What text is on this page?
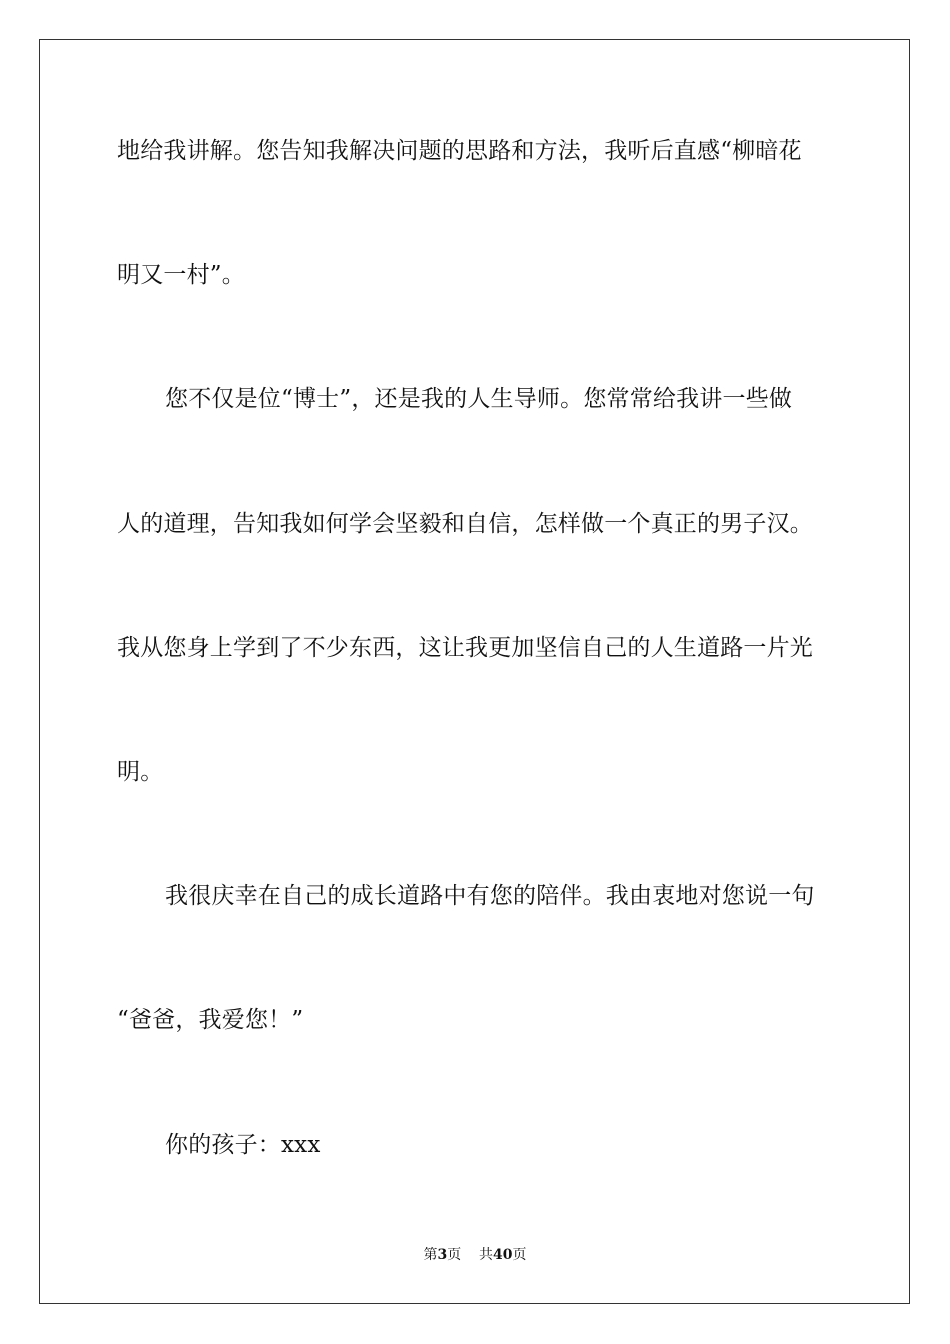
地给我讲解。您告知我解决问题的思路和方法，我听后直感“柳暗花
明又一村”。
您不仅是位“博士”，还是我的人生导师。您常常给我讲一些做
人的道理，告知我如何学会坚毅和自信，怎样做一个真正的男子汉。
我从您身上学到了不少东西，这让我更加坚信自己的人生道路一片光
明。
我很庆幸在自己的成长道路中有您的陪伴。我由衷地对您说一句
“爸爸，我爱您！”
你的孩子：xxx
第3页 共40页
